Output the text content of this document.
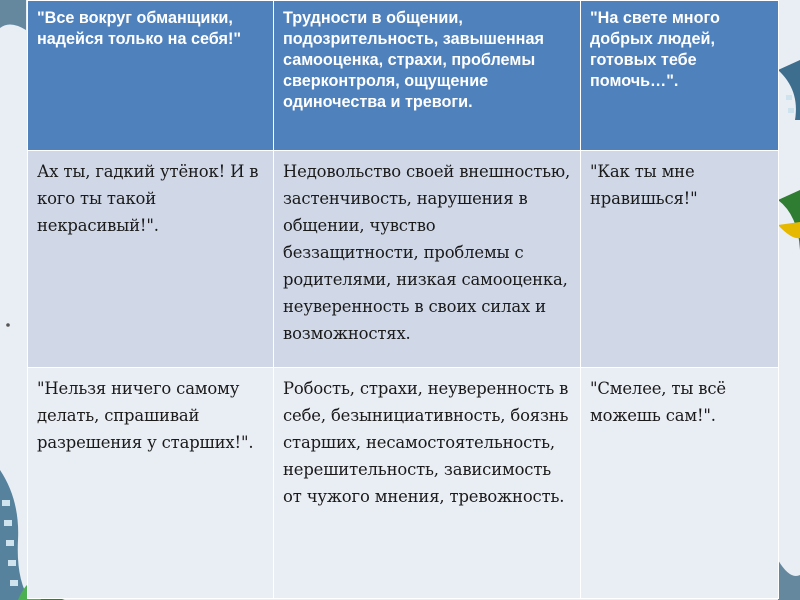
"Все вокруг обманщики, надейся только на себя!"	Трудности в общении, подозрительность, завышенная самооценка, страхи, проблемы сверконтроля, ощущение одиночества и тревоги.	"На свете много добрых людей, готовых тебе помочь…".
Ах ты, гадкий утёнок! И в кого ты такой некрасивый!".	Недовольство своей внешностью, застенчивость, нарушения в общении, чувство беззащитности, проблемы с родителями, низкая самооценка, неуверенность в своих силах и возможностях.	"Как ты мне нравишься!"
"Нельзя ничего самому делать, спрашивай разрешения у старших!".	Робость, страхи, неуверенность в себе, безынициативность, боязнь старших, несамостоятельность, нерешительность, зависимость от чужого мнения, тревожность.	"Смелее, ты всё можешь сам!".
